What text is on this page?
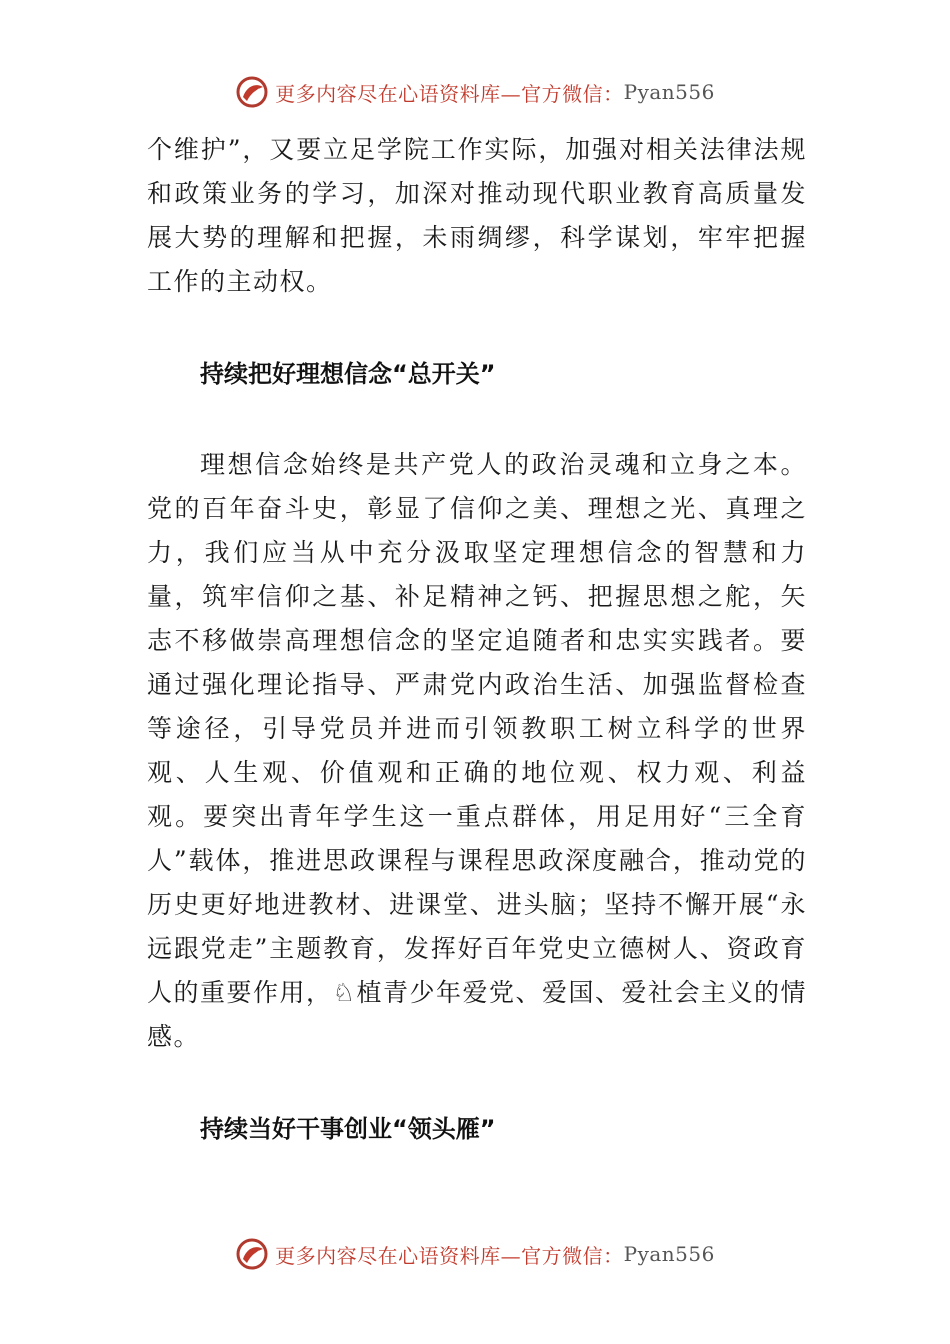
更多内容尽在心语资料库—官方微信： Pyan556

个维护”，又要立足学院工作实际，加强对相关法律法规和政策业务的学习，加深对推动现代职业教育高质量发展大势的理解和把握，未雨绸缪，科学谋划，牢牢把握工作的主动权。

持续把好理想信念“总开关”

理想信念始终是共产党人的政治灵魂和立身之本。党的百年奋斗史，彰显了信仰之美、理想之光、真理之力，我们应当从中充分汲取坚定理想信念的智慧和力量，筑牢信仰之基、补足精神之钙、把握思想之舵，矢志不移做崇高理想信念的坚定追随者和忠实实践者。要通过强化理论指导、严肃党内政治生活、加强监督检查等途径，引导党员并进而引领教职工树立科学的世界观、人生观、价值观和正确的地位观、权力观、利益观。要突出青年学生这一重点群体，用足用好“三全育人”载体，推进思政课程与课程思政深度融合，推动党的历史更好地进教材、进课堂、进头脑；坚持不懈开展“永远跟党走”主题教育，发挥好百年党史立德树人、资政育人的重要作用，♘植青少年爱党、爱国、爱社会主义的情感。

持续当好干事创业“领头雁”
更多内容尽在心语资料库—官方微信： Pyan556
